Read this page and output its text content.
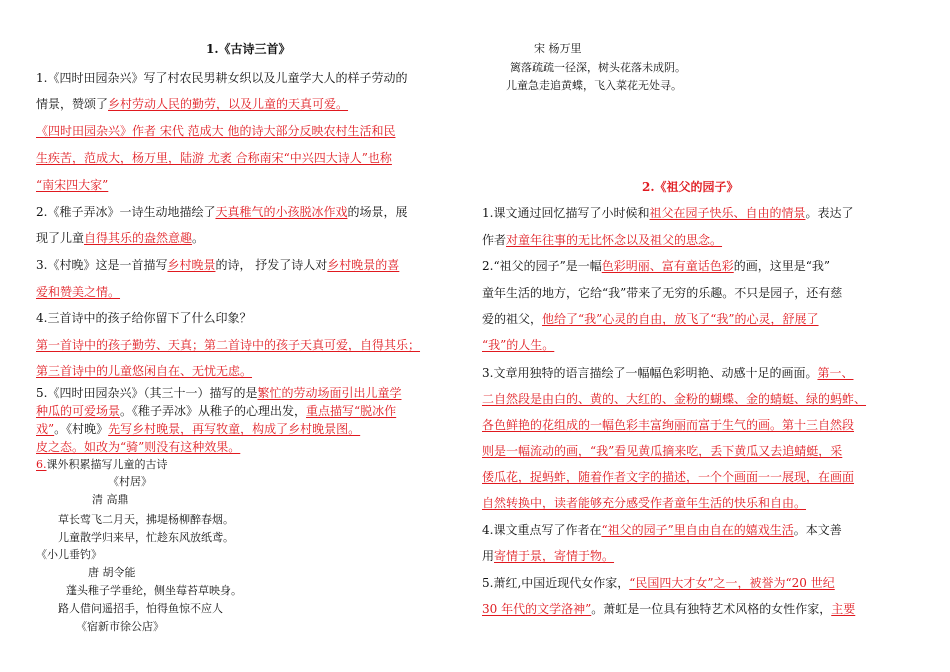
1.《古诗三首》
1.《四时田园杂兴》写了村农民男耕女织以及儿童学大人的样子劳动的
情景，赞颂了乡村劳动人民的勤劳，以及儿童的天真可爱。
《四时田园杂兴》作者 宋代 范成大 他的诗大部分反映农村生活和民
生疾苦，范成大，杨万里，陆游 尤袤 合称南宋“中兴四大诗人”也称
“南宋四大家”
2.《稚子弄冰》一诗生动地描绘了天真稚气的小孩脱冰作戏的场景，展
现了儿童自得其乐的盎然意趣。
3.《村晚》这是一首描写乡村晚景的诗， 抒发了诗人对乡村晚景的喜
爱和赞美之情。
4.三首诗中的孩子给你留下了什么印象？
第一首诗中的孩子勤劳、天真；第二首诗中的孩子天真可爱，自得其乐；
第三首诗中的儿童悠闲自在、无忧无虑。
5.《四时田园杂兴》（其三十一）描写的是繁忙的劳动场面引出儿童学
种瓜的可爱场景。《稚子弄冰》从稚子的心理出发，重点描写“脱冰作
戏”。《村晚》先写乡村晚景，再写牧童，构成了乡村晚景图。
皮之态。如改为“骑”则没有这种效果。
6.课外积累描写儿童的古诗
《村居》
清 高鼎
草长莺飞二月天，拂堤杨柳醉春烟。
儿童散学归来早，忙趁东风放纸鸢。
《小儿垂钓》
唐 胡令能
蓬头稚子学垂纶，侧坐莓苔草映身。
路人借问遥招手，怕得鱼惊不应人
《宿新市徐公店》
宋 杨万里
篱落疏疏一径深，树头花落未成阴。
儿童急走追黄蝶，飞入菜花无处寻。
2.《祖父的园子》
1.课文通过回忆描写了小时候和祖父在园子快乐、自由的情景。表达了
作者对童年往事的无比怀念以及祖父的思念。
2.“祖父的园子”是一幅色彩明丽、富有童话色彩的画，这里是“我”
童年生活的地方，它给“我”带来了无穷的乐趣。不只是园子，还有慈
爱的祖父，他给了“我”心灵的自由，放飞了“我”的心灵，舒展了
“我”的人生。
3.文章用独特的语言描绘了一幅幅色彩明艳、动感十足的画面。第一、
二自然段是由白的、黄的、大红的、金粉的蝴蝶、金的蜻蜓、绿的蚂蚱、
各色鲜艳的花组成的一幅色彩丰富绚丽而富于生气的画。第十三自然段
则是一幅流动的画，“我”看见黄瓜摘来吃，丢下黄瓜又去追蜻蜓，采
倭瓜花，捉蚂蚱，随着作者文字的描述，一个个画面一一展现，在画面
自然转换中，读者能够充分感受作者童年生活的快乐和自由。
4.课文重点写了作者在“祖父的园子”里自由自在的嬉戏生活。本文善
用寄情于景，寄情于物。
5.萧红,中国近现代女作家，“民国四大才女”之一，被誉为“20 世纪
30 年代的文学洛神”。萧虹是一位具有独特艺术风格的女性作家，主要
